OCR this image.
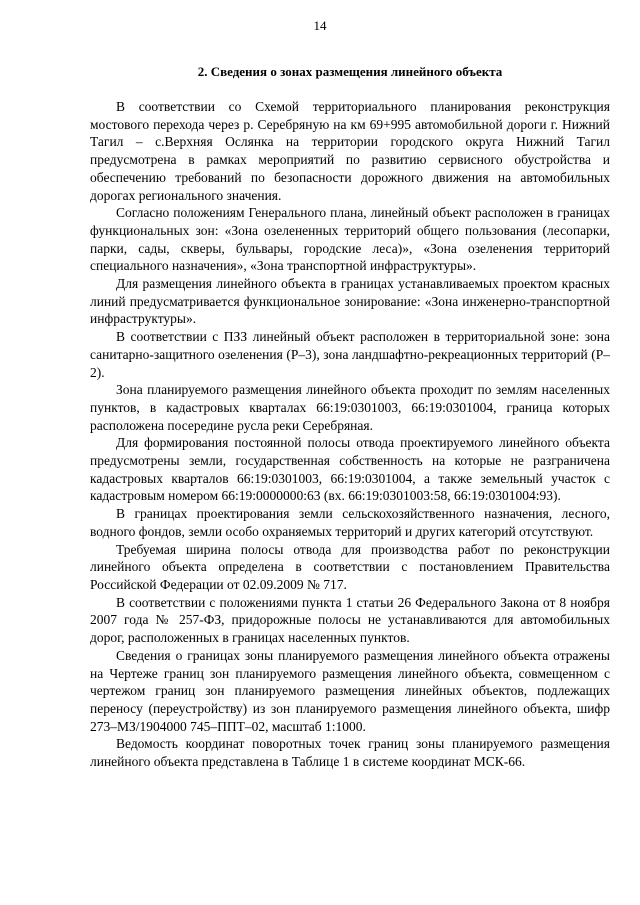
14
2. Сведения о зонах размещения линейного объекта

В соответствии со Схемой территориального планирования реконструкция мостового перехода через р. Серебряную на км 69+995 автомобильной дороги г. Нижний Тагил – с.Верхняя Ослянка на территории городского округа Нижний Тагил предусмотрена в рамках мероприятий по развитию сервисного обустройства и обеспечению требований по безопасности дорожного движения на автомобильных дорогах регионального значения.

Согласно положениям Генерального плана, линейный объект расположен в границах функциональных зон: «Зона озелененных территорий общего пользования (лесопарки, парки, сады, скверы, бульвары, городские леса)», «Зона озеленения территорий специального назначения», «Зона транспортной инфраструктуры».

Для размещения линейного объекта в границах устанавливаемых проектом красных линий предусматривается функциональное зонирование: «Зона инженерно-транспортной инфраструктуры».

В соответствии с ПЗЗ линейный объект расположен в территориальной зоне: зона санитарно-защитного озеленения (Р–3), зона ландшафтно-рекреационных территорий (Р–2).

Зона планируемого размещения линейного объекта проходит по землям населенных пунктов, в кадастровых кварталах 66:19:0301003, 66:19:0301004, граница которых расположена посередине русла реки Серебряная.

Для формирования постоянной полосы отвода проектируемого линейного объекта предусмотрены земли, государственная собственность на которые не разграничена кадастровых кварталов 66:19:0301003, 66:19:0301004, а также земельный участок с кадастровым номером 66:19:0000000:63 (вх. 66:19:0301003:58, 66:19:0301004:93).

В границах проектирования земли сельскохозяйственного назначения, лесного, водного фондов, земли особо охраняемых территорий и других категорий отсутствуют.

Требуемая ширина полосы отвода для производства работ по реконструкции линейного объекта определена в соответствии с постановлением Правительства Российской Федерации от 02.09.2009 № 717.

В соответствии с положениями пункта 1 статьи 26 Федерального Закона от 8 ноября 2007 года № 257-ФЗ, придорожные полосы не устанавливаются для автомобильных дорог, расположенных в границах населенных пунктов.

Сведения о границах зоны планируемого размещения линейного объекта отражены на Чертеже границ зон планируемого размещения линейного объекта, совмещенном с чертежом границ зон планируемого размещения линейных объектов, подлежащих переносу (переустройству) из зон планируемого размещения линейного объекта, шифр 273–МЗ/1904000 745–ППТ–02, масштаб 1:1000.

Ведомость координат поворотных точек границ зоны планируемого размещения линейного объекта представлена в Таблице 1 в системе координат МСК-66.
